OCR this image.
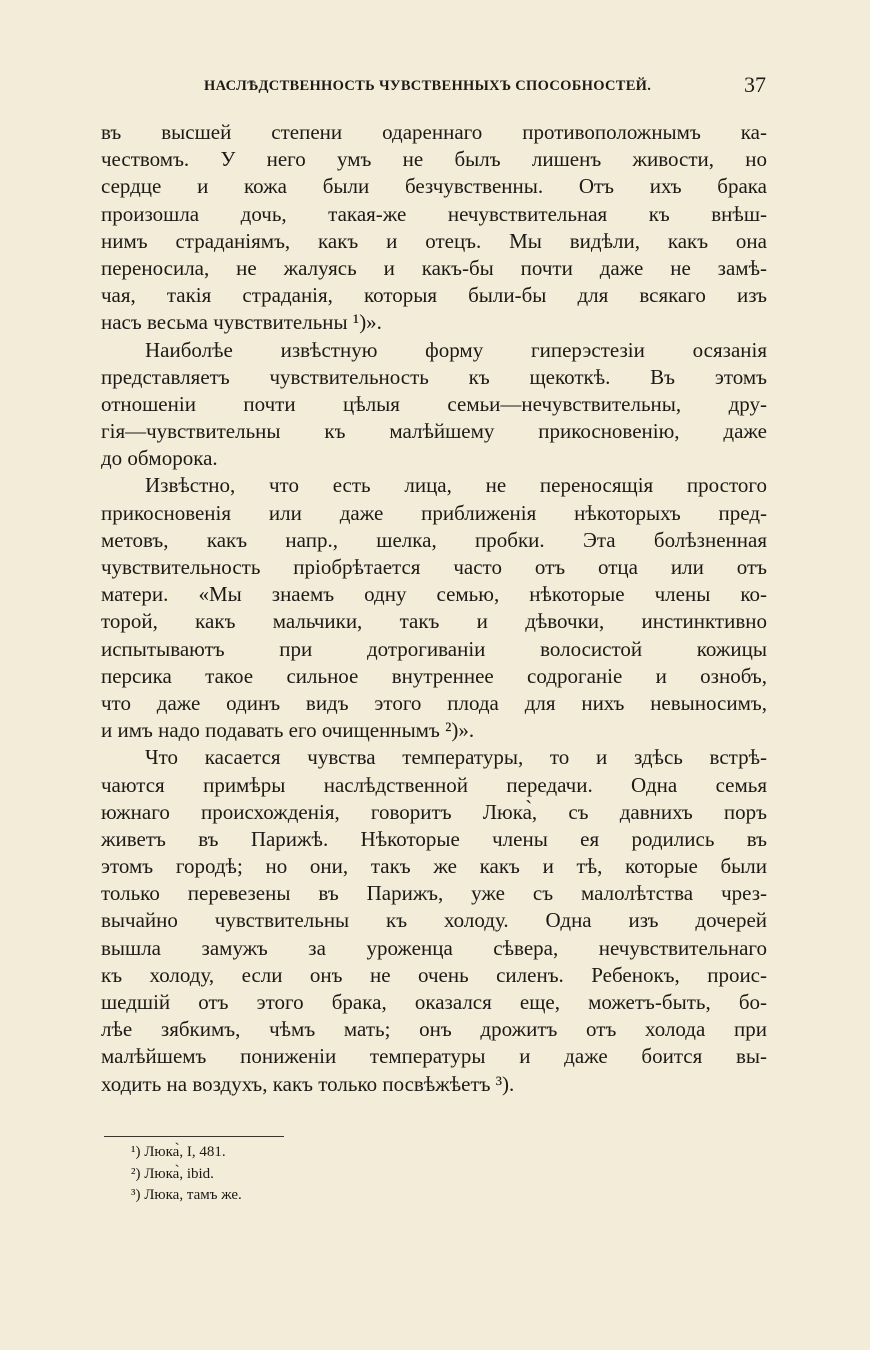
НАСЛѢДСТВЕННОСТЬ ЧУВСТВЕННЫХЪ СПОСОБНОСТЕЙ.	37
въ высшей степени одареннаго противоположнымъ ка-
чествомъ. У него умъ не былъ лишенъ живости, но
сердце и кожа были безчувственны. Отъ ихъ брака
произошла дочь, такая-же нечувствительная къ внѣш-
нимъ страданіямъ, какъ и отецъ. Мы видѣли, какъ она
переносила, не жалуясь и какъ-бы почти даже не замѣ-
чая, такія страданія, которыя были-бы для всякаго изъ
насъ весьма чувствительны ¹)».
Наиболѣе извѣстную форму гиперэстезіи осязанія
представляетъ чувствительность къ щекоткѣ. Въ этомъ
отношеніи почти цѣлыя семьи—нечувствительны, дру-
гія—чувствительны къ малѣйшему прикосновенію, даже
до обморока.
Извѣстно, что есть лица, не переносящія простого
прикосновенія или даже приближенія нѣкоторыхъ пред-
метовъ, какъ напр., шелка, пробки. Эта болѣзненная
чувствительность пріобрѣтается часто отъ отца или отъ
матери. «Мы знаемъ одну семью, нѣкоторые члены ко-
торой, какъ мальчики, такъ и дѣвочки, инстинктивно
испытываютъ при дотрогиваніи волосистой кожицы
персика такое сильное внутреннее содроганіе и ознобъ,
что даже одинъ видъ этого плода для нихъ невыносимъ,
и имъ надо подавать его очищеннымъ ²)».
Что касается чувства температуры, то и здѣсь встрѣ-
чаются примѣры наслѣдственной передачи. Одна семья
южнаго происхожденія, говоритъ Люка̀, съ давнихъ поръ
живетъ въ Парижѣ. Нѣкоторые члены ея родились въ
этомъ городѣ; но они, такъ же какъ и тѣ, которые были
только перевезены въ Парижъ, уже съ малолѣтства чрез-
вычайно чувствительны къ холоду. Одна изъ дочерей
вышла замужъ за уроженца сѣвера, нечувствительнаго
къ холоду, если онъ не очень силенъ. Ребенокъ, проис-
шедшій отъ этого брака, оказался еще, можетъ-быть, бо-
лѣе зябкимъ, чѣмъ мать; онъ дрожитъ отъ холода при
малѣйшемъ пониженіи температуры и даже боится вы-
ходить на воздухъ, какъ только посвѣжѣетъ ³).
¹) Люка̀, I, 481.
²) Люка̀, ibid.
³) Люка, тамъ же.
